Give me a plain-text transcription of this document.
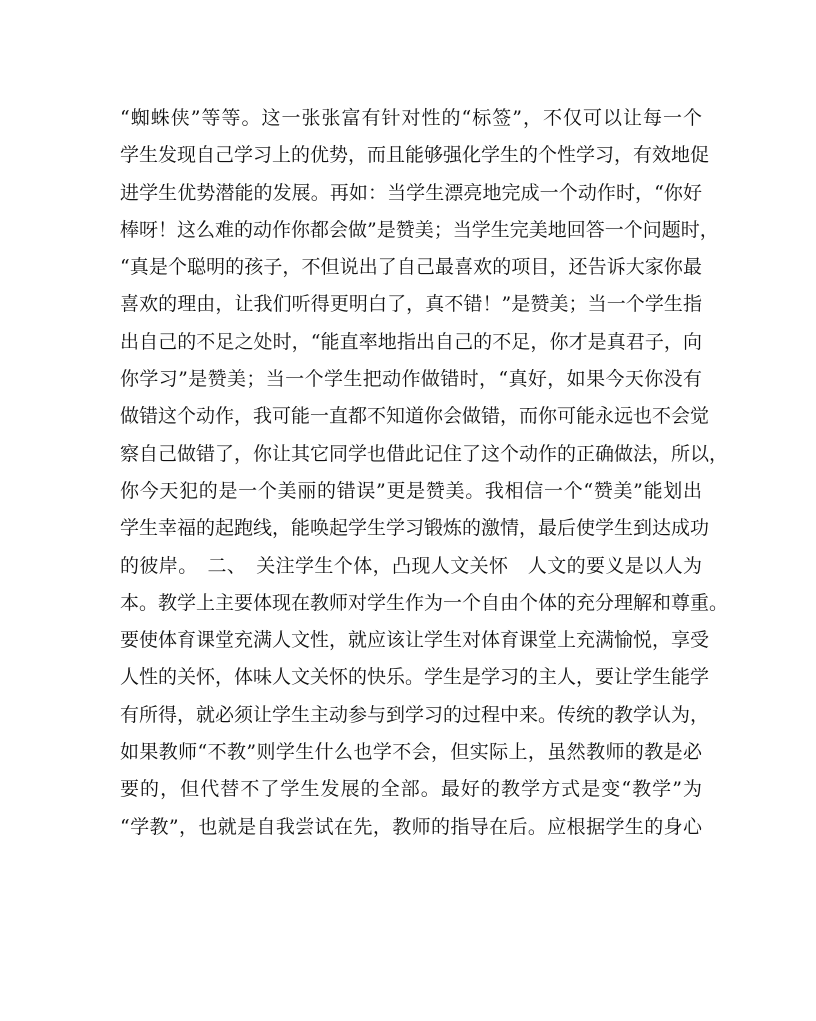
“蜘蛛侠”等等。这一张张富有针对性的“标签”，不仅可以让每一个
学生发现自己学习上的优势，而且能够强化学生的个性学习，有效地促
进学生优势潜能的发展。再如：当学生漂亮地完成一个动作时，“你好
棒呀！这么难的动作你都会做”是赞美；当学生完美地回答一个问题时，
“真是个聪明的孩子，不但说出了自己最喜欢的项目，还告诉大家你最
喜欢的理由，让我们听得更明白了，真不错！”是赞美；当一个学生指
出自己的不足之处时，“能直率地指出自己的不足，你才是真君子，向
你学习”是赞美；当一个学生把动作做错时，“真好，如果今天你没有
做错这个动作，我可能一直都不知道你会做错，而你可能永远也不会觉
察自己做错了，你让其它同学也借此记住了这个动作的正确做法，所以，
你今天犯的是一个美丽的错误”更是赞美。我相信一个“赞美”能划出
学生幸福的起跑线，能唤起学生学习锻炼的激情，最后使学生到达成功
的彼岸。　二、　关注学生个体，凸现人文关怀　人文的要义是以人为
本。教学上主要体现在教师对学生作为一个自由个体的充分理解和尊重。
要使体育课堂充满人文性，就应该让学生对体育课堂上充满愉悦，享受
人性的关怀，体味人文关怀的快乐。学生是学习的主人，要让学生能学
有所得，就必须让学生主动参与到学习的过程中来。传统的教学认为，
如果教师“不教”则学生什么也学不会，但实际上，虽然教师的教是必
要的，但代替不了学生发展的全部。最好的教学方式是变“教学”为
“学教”，也就是自我尝试在先，教师的指导在后。应根据学生的身心
